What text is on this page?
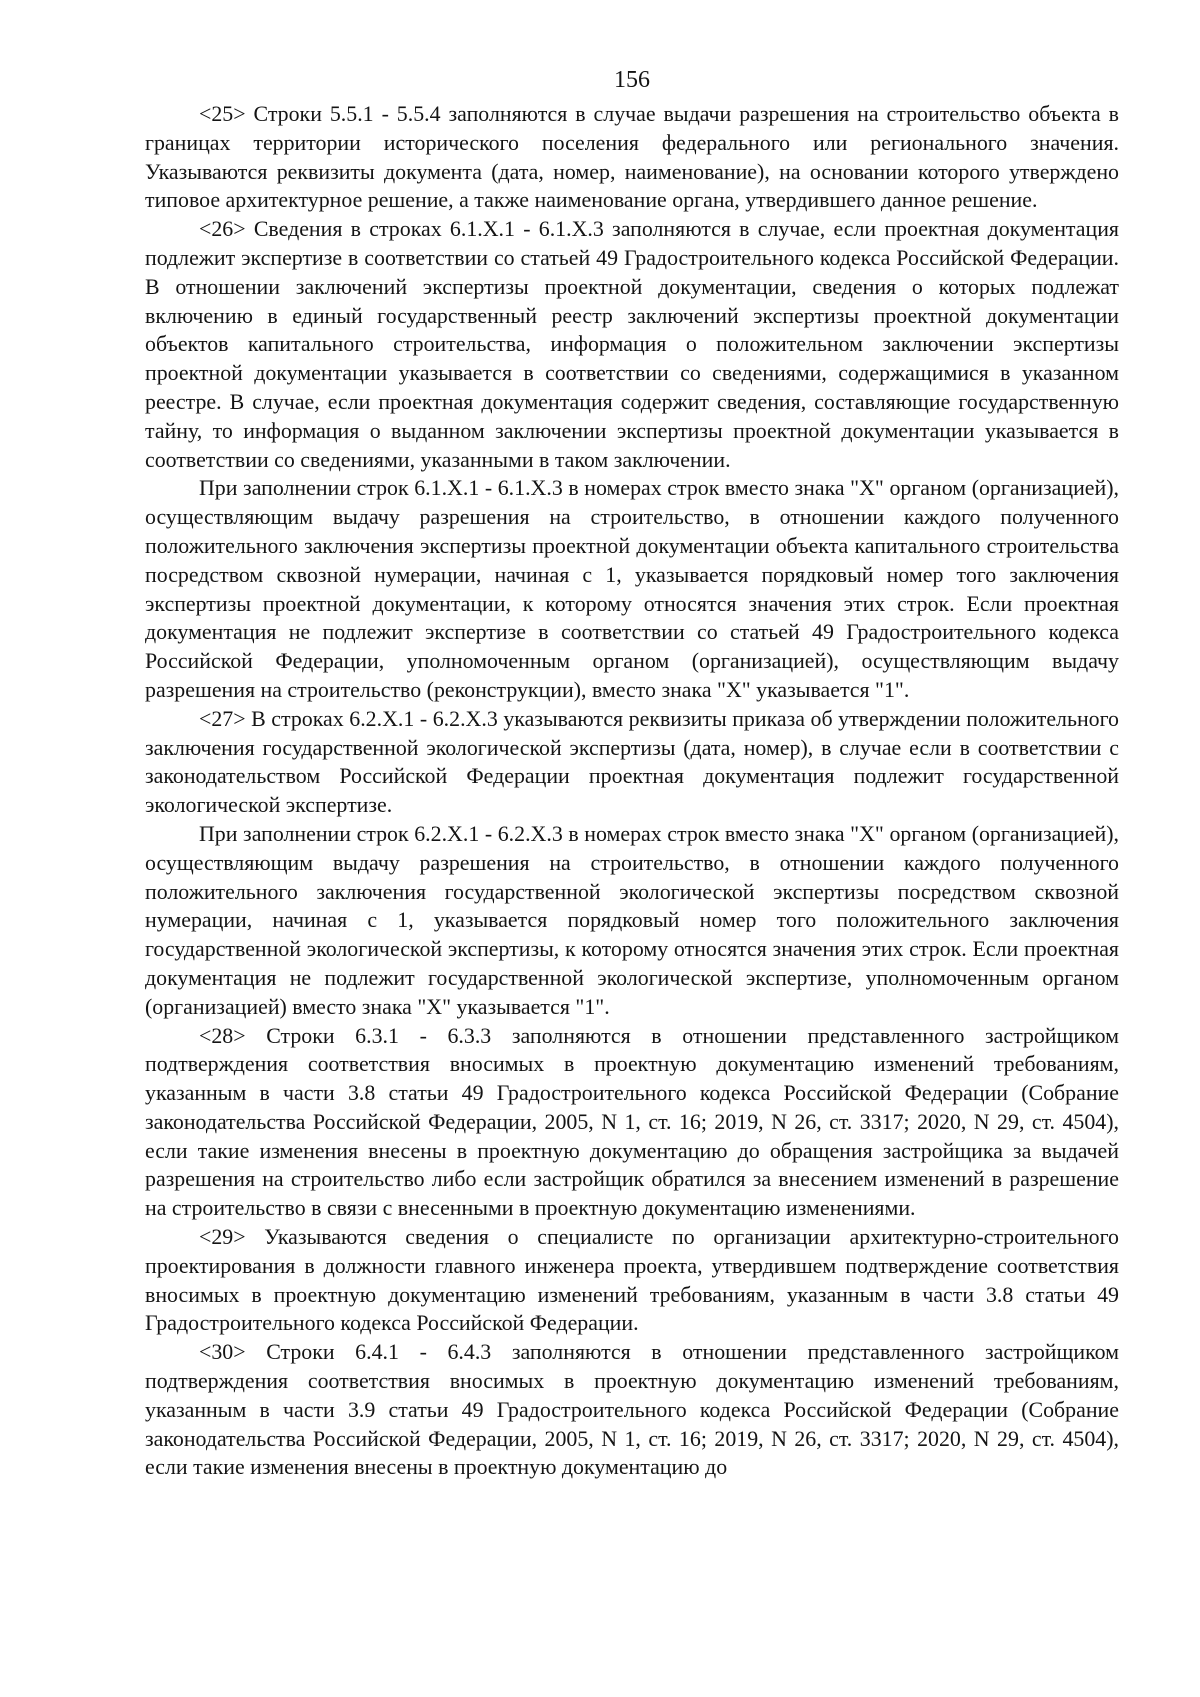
156

<25> Строки 5.5.1 - 5.5.4 заполняются в случае выдачи разрешения на строительство объекта в границах территории исторического поселения федерального или регионального значения. Указываются реквизиты документа (дата, номер, наименование), на основании которого утверждено типовое архитектурное решение, а также наименование органа, утвердившего данное решение.

<26> Сведения в строках 6.1.X.1 - 6.1.X.3 заполняются в случае, если проектная документация подлежит экспертизе в соответствии со статьей 49 Градостроительного кодекса Российской Федерации. В отношении заключений экспертизы проектной документации, сведения о которых подлежат включению в единый государственный реестр заключений экспертизы проектной документации объектов капитального строительства, информация о положительном заключении экспертизы проектной документации указывается в соответствии со сведениями, содержащимися в указанном реестре. В случае, если проектная документация содержит сведения, составляющие государственную тайну, то информация о выданном заключении экспертизы проектной документации указывается в соответствии со сведениями, указанными в таком заключении.

При заполнении строк 6.1.X.1 - 6.1.X.3 в номерах строк вместо знака "X" органом (организацией), осуществляющим выдачу разрешения на строительство, в отношении каждого полученного положительного заключения экспертизы проектной документации объекта капитального строительства посредством сквозной нумерации, начиная с 1, указывается порядковый номер того заключения экспертизы проектной документации, к которому относятся значения этих строк. Если проектная документация не подлежит экспертизе в соответствии со статьей 49 Градостроительного кодекса Российской Федерации, уполномоченным органом (организацией), осуществляющим выдачу разрешения на строительство (реконструкции), вместо знака "X" указывается "1".

<27> В строках 6.2.X.1 - 6.2.X.3 указываются реквизиты приказа об утверждении положительного заключения государственной экологической экспертизы (дата, номер), в случае если в соответствии с законодательством Российской Федерации проектная документация подлежит государственной экологической экспертизе.

При заполнении строк 6.2.X.1 - 6.2.X.3 в номерах строк вместо знака "X" органом (организацией), осуществляющим выдачу разрешения на строительство, в отношении каждого полученного положительного заключения государственной экологической экспертизы посредством сквозной нумерации, начиная с 1, указывается порядковый номер того положительного заключения государственной экологической экспертизы, к которому относятся значения этих строк. Если проектная документация не подлежит государственной экологической экспертизе, уполномоченным органом (организацией) вместо знака "X" указывается "1".

<28> Строки 6.3.1 - 6.3.3 заполняются в отношении представленного застройщиком подтверждения соответствия вносимых в проектную документацию изменений требованиям, указанным в части 3.8 статьи 49 Градостроительного кодекса Российской Федерации (Собрание законодательства Российской Федерации, 2005, N 1, ст. 16; 2019, N 26, ст. 3317; 2020, N 29, ст. 4504), если такие изменения внесены в проектную документацию до обращения застройщика за выдачей разрешения на строительство либо если застройщик обратился за внесением изменений в разрешение на строительство в связи с внесенными в проектную документацию изменениями.

<29> Указываются сведения о специалисте по организации архитектурно-строительного проектирования в должности главного инженера проекта, утвердившем подтверждение соответствия вносимых в проектную документацию изменений требованиям, указанным в части 3.8 статьи 49 Градостроительного кодекса Российской Федерации.

<30> Строки 6.4.1 - 6.4.3 заполняются в отношении представленного застройщиком подтверждения соответствия вносимых в проектную документацию изменений требованиям, указанным в части 3.9 статьи 49 Градостроительного кодекса Российской Федерации (Собрание законодательства Российской Федерации, 2005, N 1, ст. 16; 2019, N 26, ст. 3317; 2020, N 29, ст. 4504), если такие изменения внесены в проектную документацию до
